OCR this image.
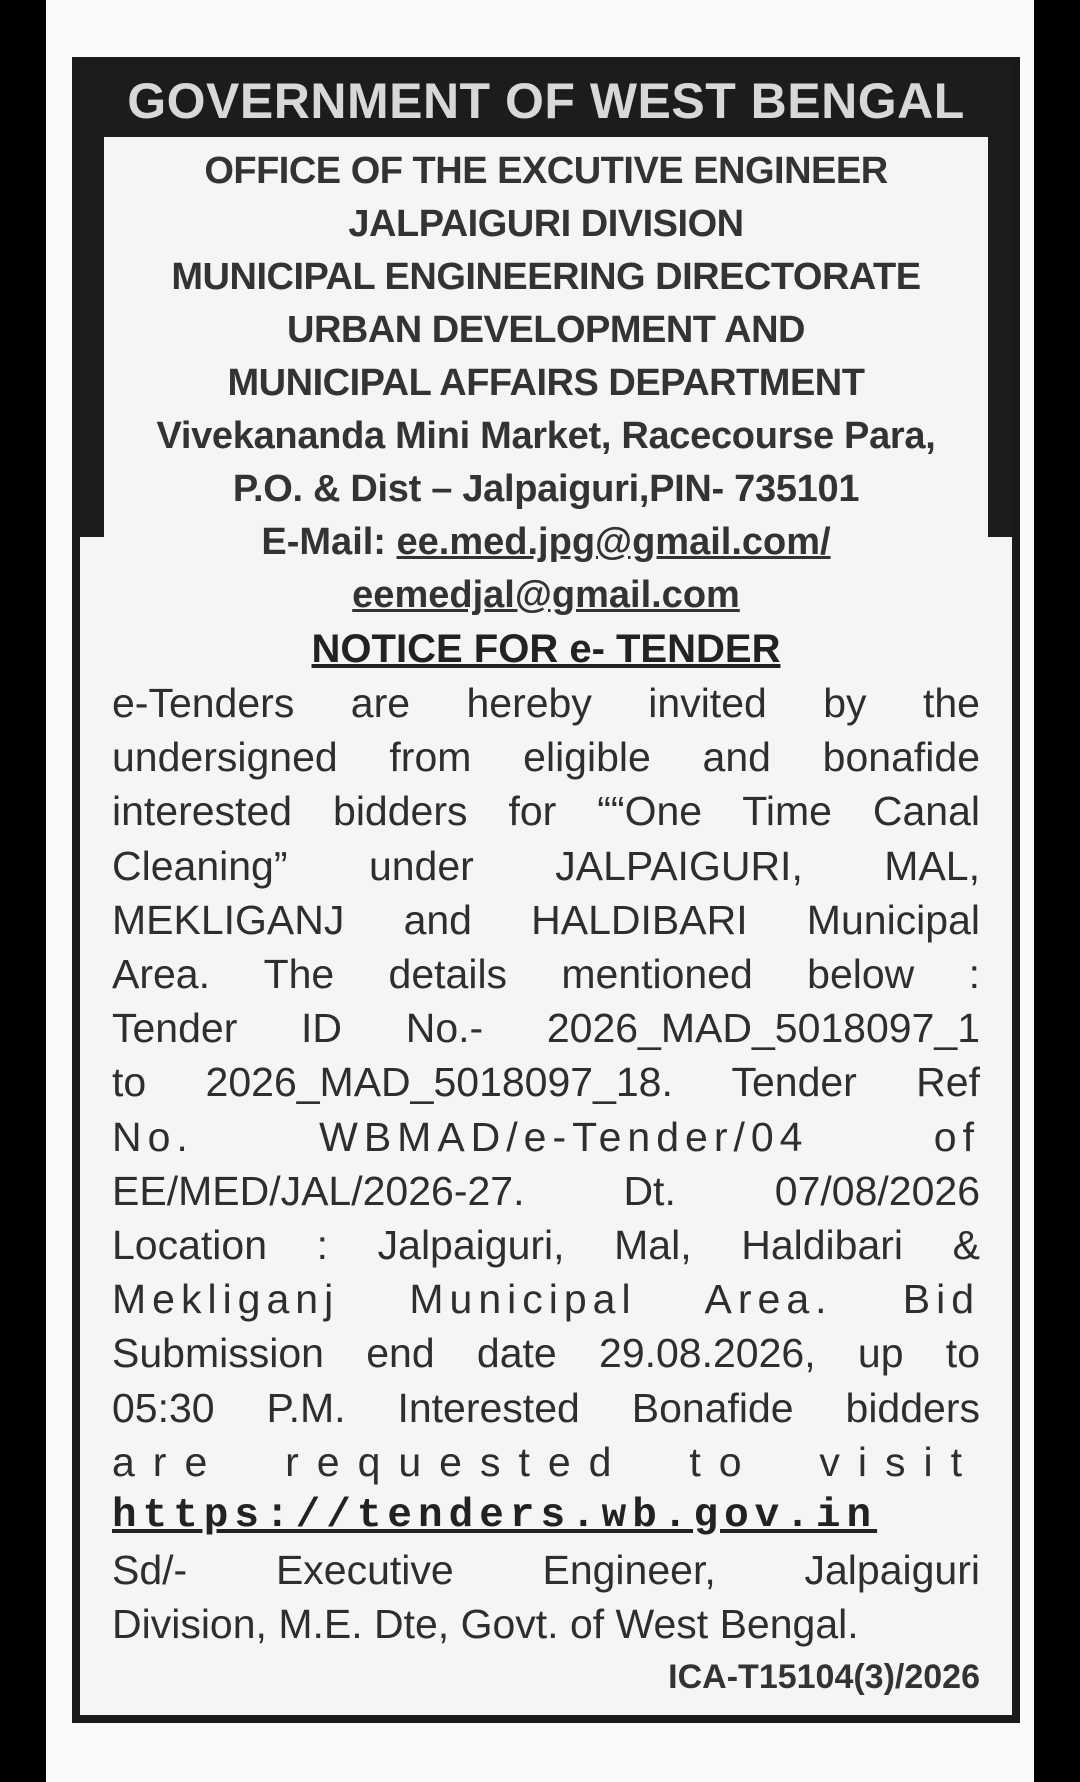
GOVERNMENT OF WEST BENGAL
OFFICE OF THE EXCUTIVE ENGINEER
JALPAIGURI DIVISION
MUNICIPAL ENGINEERING DIRECTORATE
URBAN DEVELOPMENT AND
MUNICIPAL AFFAIRS DEPARTMENT
Vivekananda Mini Market, Racecourse Para,
P.O. & Dist – Jalpaiguri,PIN- 735101
E-Mail: ee.med.jpg@gmail.com/
eemedjal@gmail.com
NOTICE FOR e- TENDER
e-Tenders are hereby invited by the
undersigned from eligible and bonafide
interested bidders for ““One Time Canal
Cleaning” under JALPAIGURI, MAL,
MEKLIGANJ and HALDIBARI Municipal
Area. The details mentioned below :
Tender ID No.- 2026_MAD_5018097_1
to 2026_MAD_5018097_18. Tender Ref
No. WBMAD/e-Tender/04 of
EE/MED/JAL/2026-27. Dt. 07/08/2026
Location : Jalpaiguri, Mal, Haldibari &
Mekliganj Municipal Area. Bid
Submission end date 29.08.2026, up to
05:30 P.M. Interested Bonafide bidders
are requested to visit
https://tenders.wb.gov.in
Sd/- Executive Engineer, Jalpaiguri
Division, M.E. Dte, Govt. of West Bengal.
ICA-T15104(3)/2026
